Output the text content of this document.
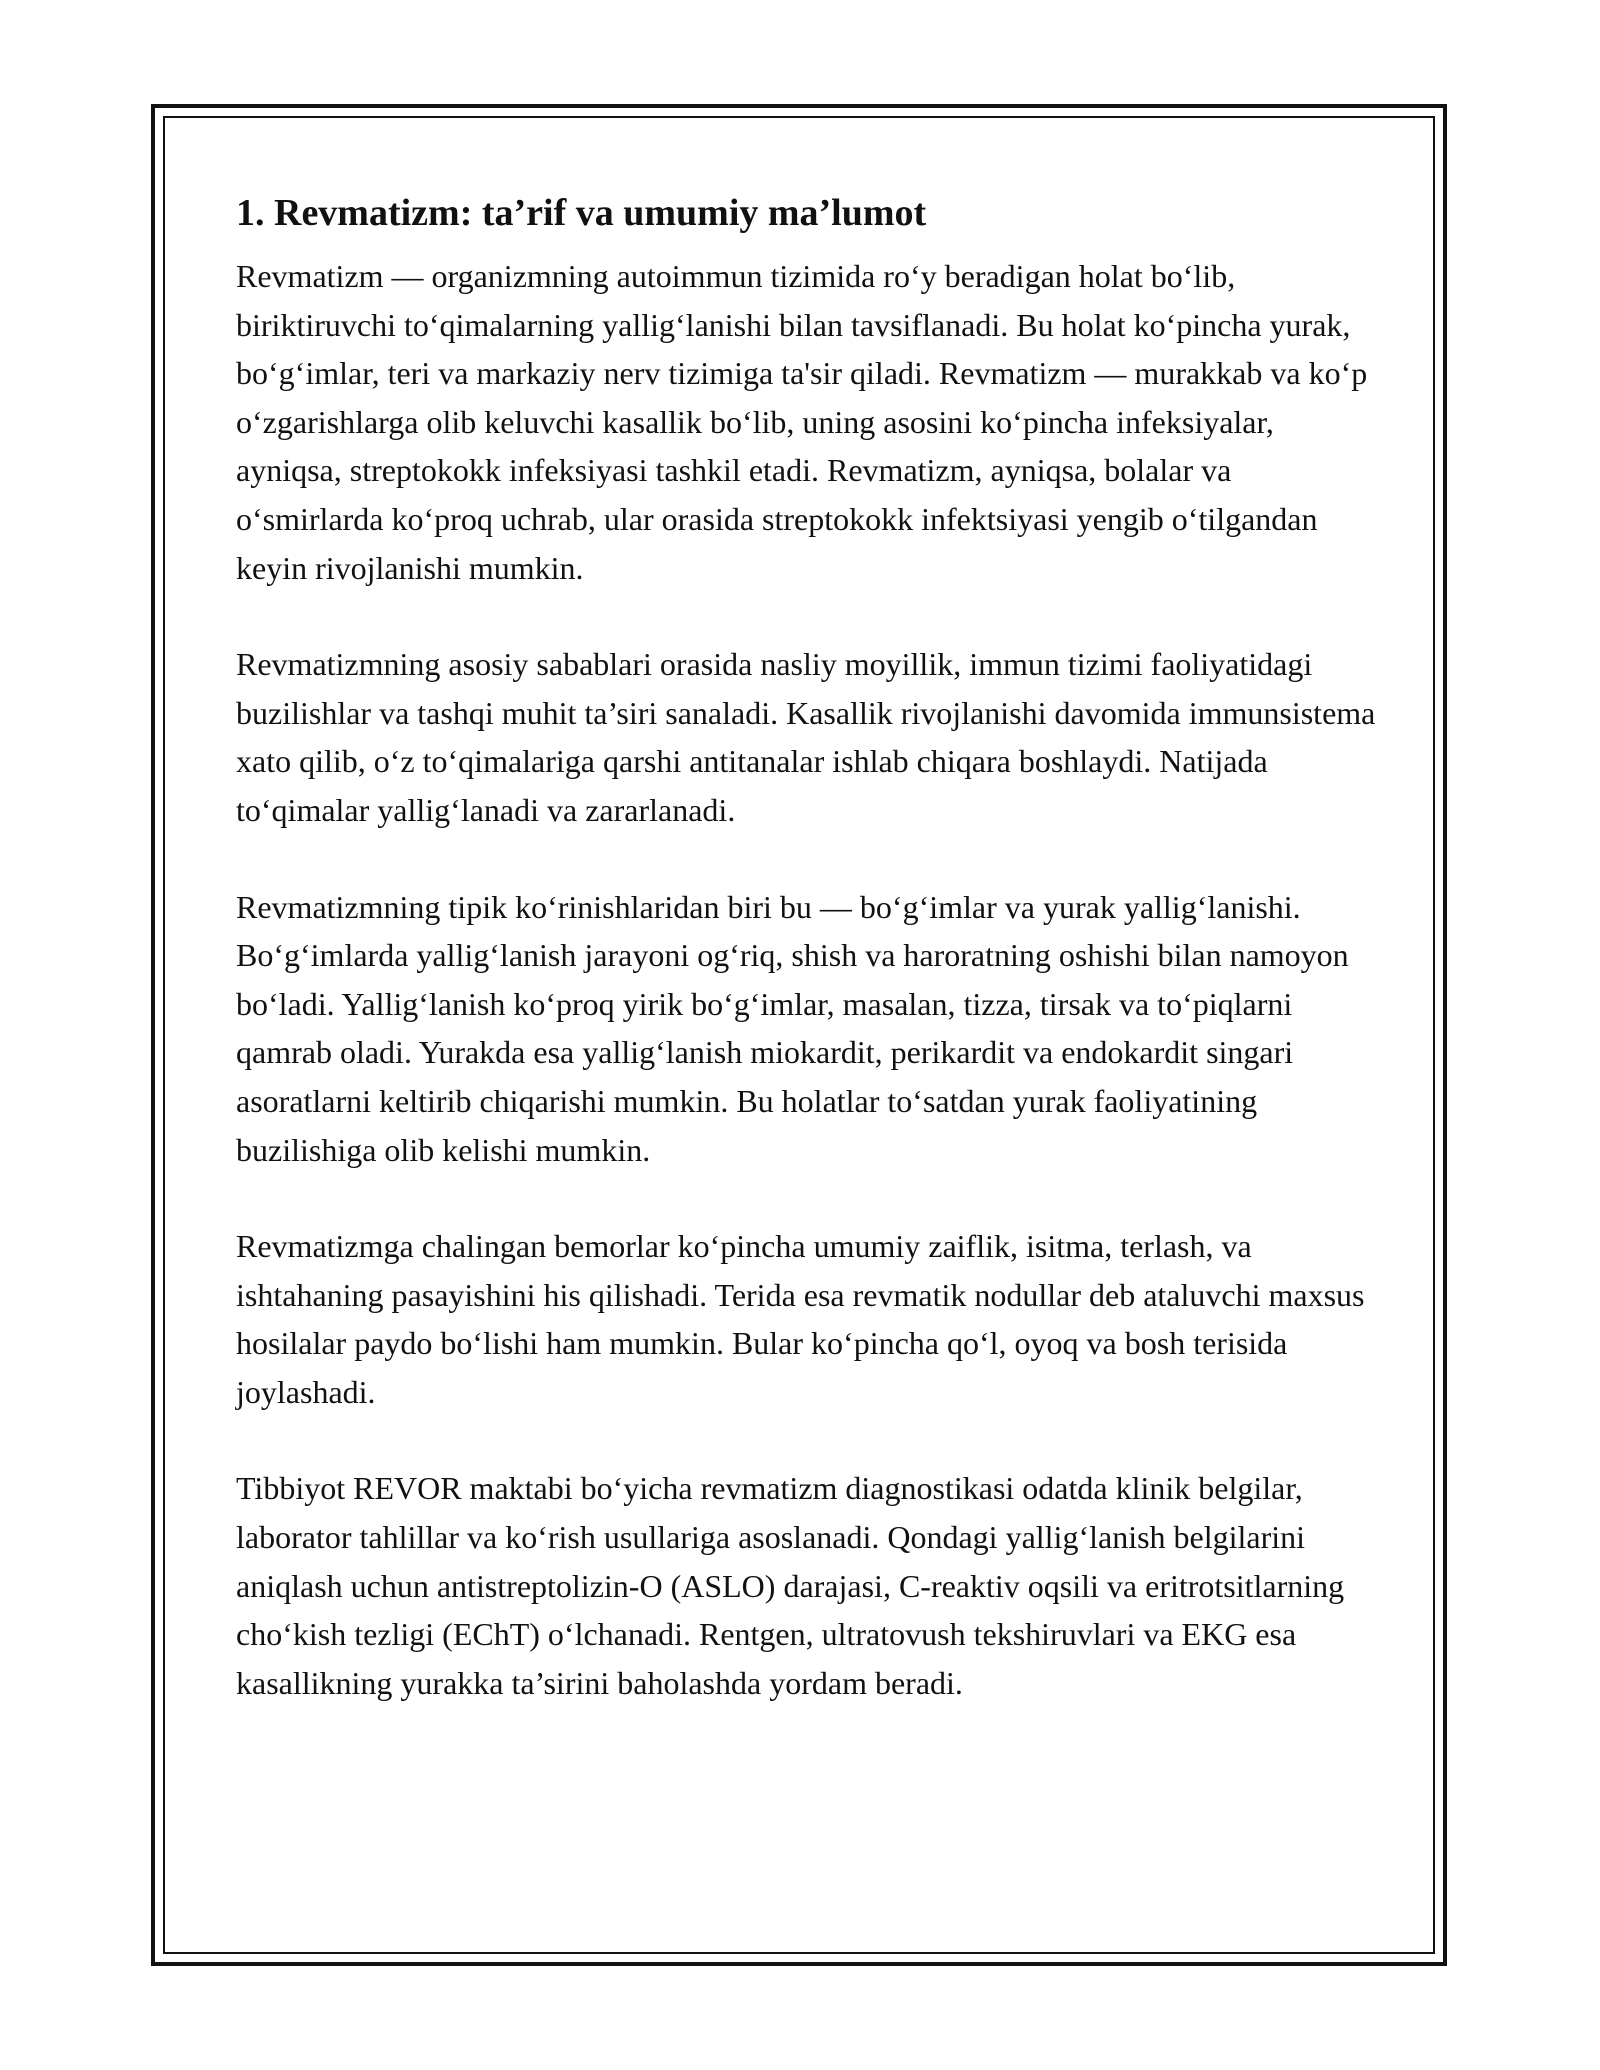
1. Revmatizm: ta’rif va umumiy ma’lumot

Revmatizm — organizmning autoimmun tizimida ro‘y beradigan holat bo‘lib, biriktiruvchi to‘qimalarning yallig‘lanishi bilan tavsiflanadi. Bu holat ko‘pincha yurak, bo‘g‘imlar, teri va markaziy nerv tizimiga ta'sir qiladi. Revmatizm — murakkab va ko‘p o‘zgarishlarga olib keluvchi kasallik bo‘lib, uning asosini ko‘pincha infeksiyalar, ayniqsa, streptokokk infeksiyasi tashkil etadi. Revmatizm, ayniqsa, bolalar va o‘smirlarda ko‘proq uchrab, ular orasida streptokokk infektsiyasi yengib o‘tilgandan keyin rivojlanishi mumkin.

Revmatizmning asosiy sabablari orasida nasliy moyillik, immun tizimi faoliyatidagi buzilishlar va tashqi muhit ta’siri sanaladi. Kasallik rivojlanishi davomida immunsistema xato qilib, o‘z to‘qimalariga qarshi antitanalar ishlab chiqara boshlaydi. Natijada to‘qimalar yallig‘lanadi va zararlanadi.

Revmatizmning tipik ko‘rinishlaridan biri bu — bo‘g‘imlar va yurak yallig‘lanishi. Bo‘g‘imlarda yallig‘lanish jarayoni og‘riq, shish va haroratning oshishi bilan namoyon bo‘ladi. Yallig‘lanish ko‘proq yirik bo‘g‘imlar, masalan, tizza, tirsak va to‘piqlarni qamrab oladi. Yurakda esa yallig‘lanish miokardit, perikardit va endokardit singari asoratlarni keltirib chiqarishi mumkin. Bu holatlar to‘satdan yurak faoliyatining buzilishiga olib kelishi mumkin.

Revmatizmga chalingan bemorlar ko‘pincha umumiy zaiflik, isitma, terlash, va ishtahaning pasayishini his qilishadi. Terida esa revmatik nodullar deb ataluvchi maxsus hosilalar paydo bo‘lishi ham mumkin. Bular ko‘pincha qo‘l, oyoq va bosh terisida joylashadi.

Tibbiyot REVOR maktabi bo‘yicha revmatizm diagnostikasi odatda klinik belgilar, laborator tahlillar va ko‘rish usullariga asoslanadi. Qondagi yallig‘lanish belgilarini aniqlash uchun antistreptolizin-O (ASLO) darajasi, C-reaktiv oqsili va eritrotsitlarning cho‘kish tezligi (EChT) o‘lchanadi. Rentgen, ultratovush tekshiruvlari va EKG esa kasallikning yurakka ta’sirini baholashda yordam beradi.
